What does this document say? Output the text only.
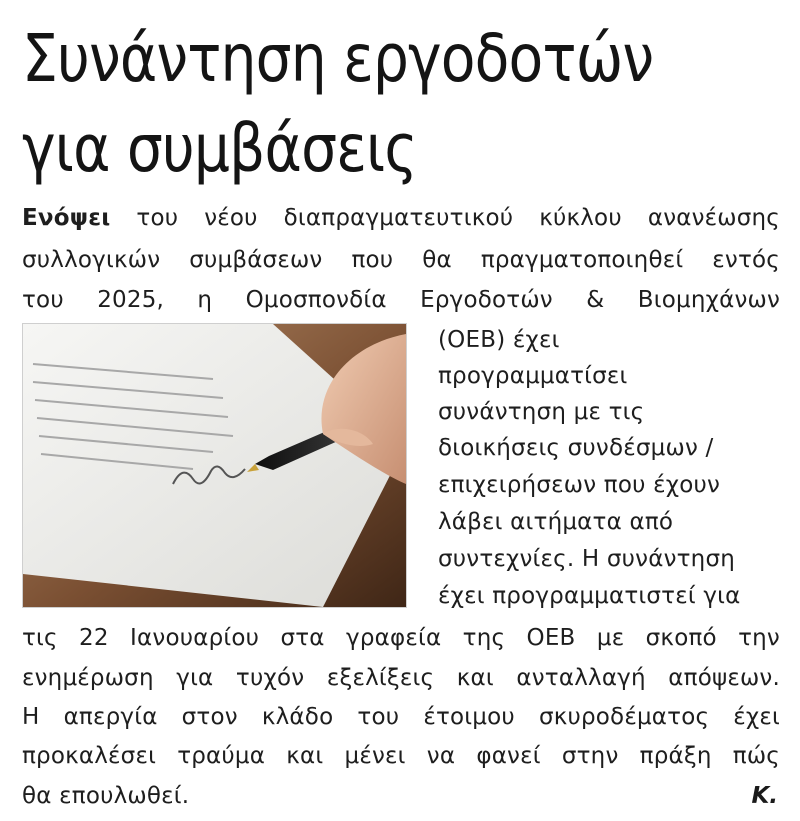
Συνάντηση εργοδοτών
για συμβάσεις
Ενόψει του νέου διαπραγματευτικού κύκλου ανανέωσης
συλλογικών συμβάσεων που θα πραγματοποιηθεί εντός
του 2025, η Ομοσπονδία Εργοδοτών & Βιομηχάνων
(ΟΕΒ) έχει
προγραμματίσει
συνάντηση με τις
διοικήσεις συνδέσμων /
επιχειρήσεων που έχουν
λάβει αιτήματα από
συντεχνίες. Η συνάντηση
έχει προγραμματιστεί για
τις 22 Ιανουαρίου στα γραφεία της ΟΕΒ με σκοπό την
ενημέρωση για τυχόν εξελίξεις και ανταλλαγή απόψεων.
Η απεργία στον κλάδο του έτοιμου σκυροδέματος έχει
προκαλέσει τραύμα και μένει να φανεί στην πράξη πώς
θα επουλωθεί.	Κ.
